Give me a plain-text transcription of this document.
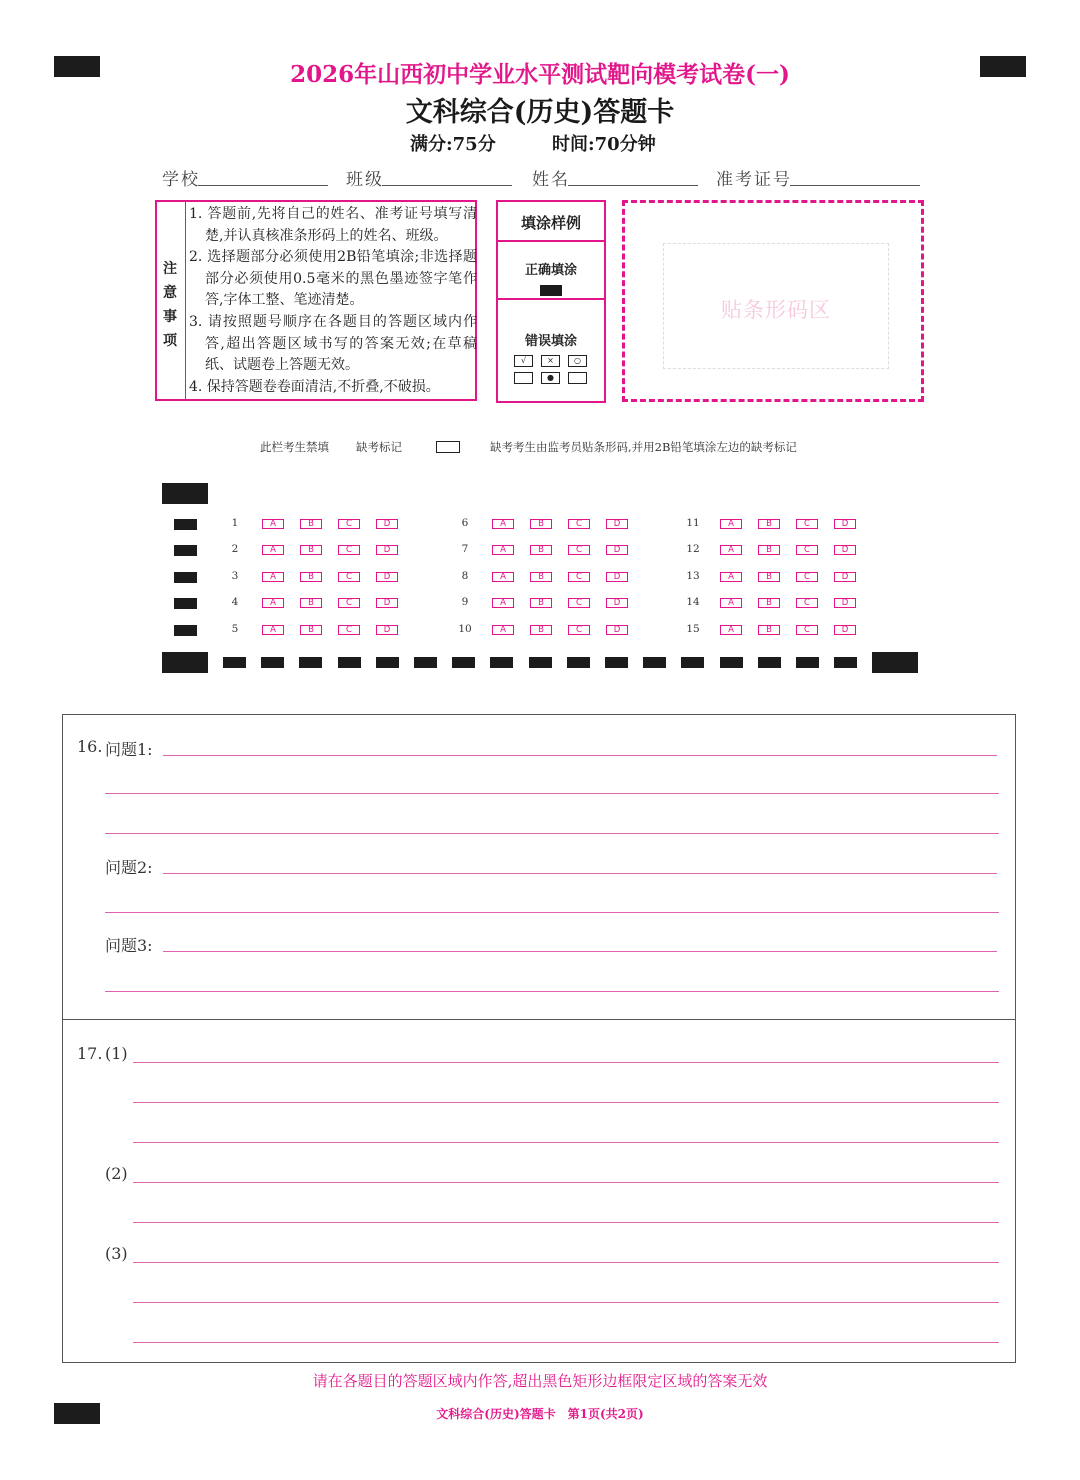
2026年山西初中学业水平测试靶向模考试卷(一)
文科综合(历史)答题卡
满分:75分	时间:70分钟
学校	班级	姓名	准考证号
注
意
事
项

1. 答题前,先将自己的姓名、准考证号填写清楚,并认真核准条形码上的姓名、班级。

2. 选择题部分必须使用2B铅笔填涂;非选择题部分必须使用0.5毫米的黑色墨迹签字笔作答,字体工整、笔迹清楚。

3. 请按照题号顺序在各题目的答题区域内作答,超出答题区域书写的答案无效;在草稿纸、试题卷上答题无效。

4. 保持答题卷卷面清洁,不折叠,不破损。

填涂样例
正确填涂
错误填涂
√	×	○
●
贴条形码区
此栏考生禁填 缺考标记	缺考考生由监考员贴条形码,并用2B铅笔填涂左边的缺考标记
1	A	B	C	D
2	A	B	C	D
3	A	B	C	D
4	A	B	C	D
5	A	B	C	D
6	A	B	C	D
7	A	B	C	D
8	A	B	C	D
9	A	B	C	D
10	A	B	C	D
11	A	B	C	D
12	A	B	C	D
13	A	B	C	D
14	A	B	C	D
15	A	B	C	D
16. 问题1:
问题2:
问题3:
17. (1)
(2)
(3)
请在各题目的答题区域内作答,超出黑色矩形边框限定区域的答案无效
文科综合(历史)答题卡　第1页(共2页)
